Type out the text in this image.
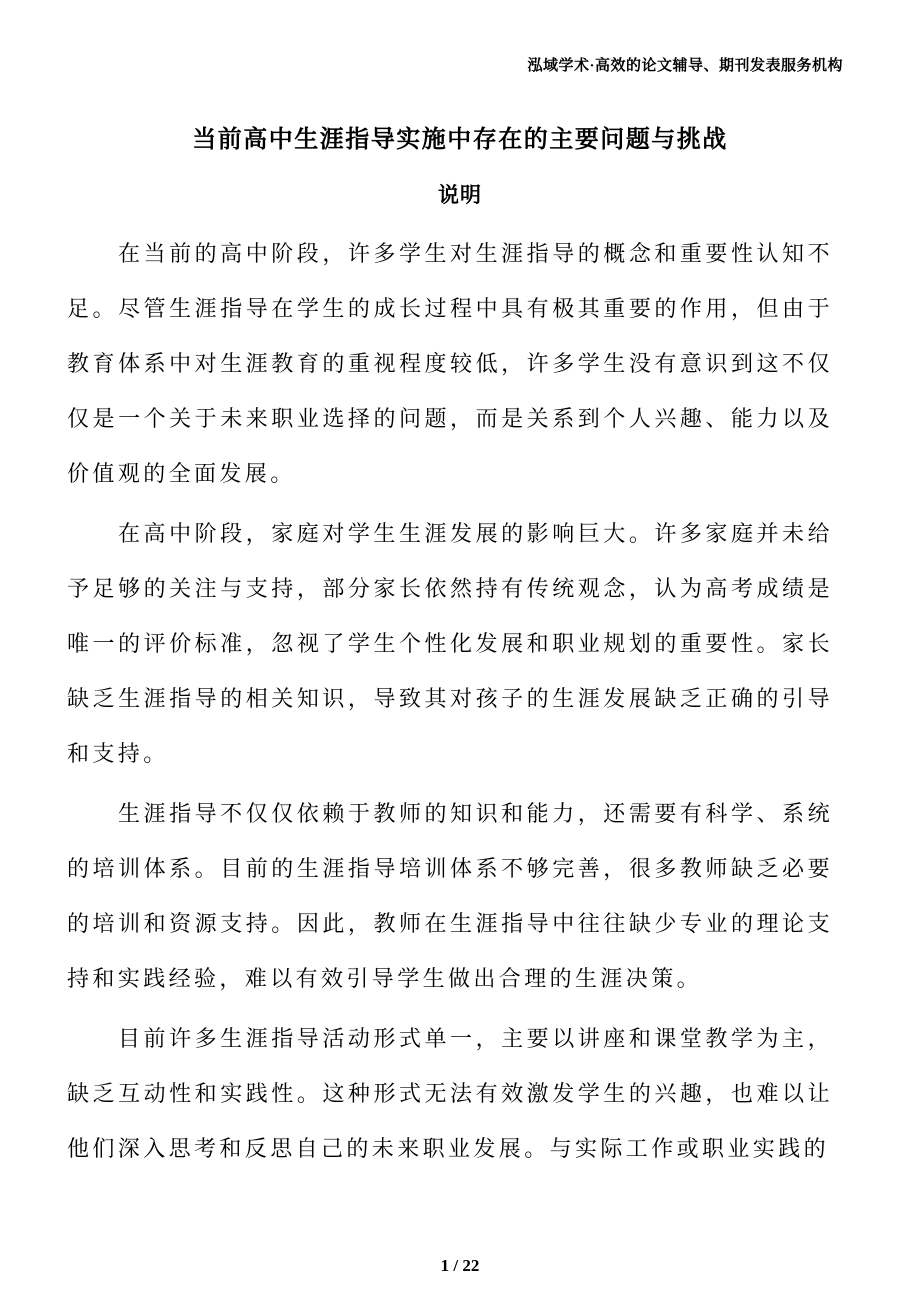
泓域学术·高效的论文辅导、期刊发表服务机构
当前高中生涯指导实施中存在的主要问题与挑战
说明

在当前的高中阶段，许多学生对生涯指导的概念和重要性认知不足。尽管生涯指导在学生的成长过程中具有极其重要的作用，但由于教育体系中对生涯教育的重视程度较低，许多学生没有意识到这不仅仅是一个关于未来职业选择的问题，而是关系到个人兴趣、能力以及价值观的全面发展。

在高中阶段，家庭对学生生涯发展的影响巨大。许多家庭并未给予足够的关注与支持，部分家长依然持有传统观念，认为高考成绩是唯一的评价标准，忽视了学生个性化发展和职业规划的重要性。家长缺乏生涯指导的相关知识，导致其对孩子的生涯发展缺乏正确的引导和支持。

生涯指导不仅仅依赖于教师的知识和能力，还需要有科学、系统的培训体系。目前的生涯指导培训体系不够完善，很多教师缺乏必要的培训和资源支持。因此，教师在生涯指导中往往缺少专业的理论支持和实践经验，难以有效引导学生做出合理的生涯决策。

目前许多生涯指导活动形式单一，主要以讲座和课堂教学为主，缺乏互动性和实践性。这种形式无法有效激发学生的兴趣，也难以让他们深入思考和反思自己的未来职业发展。与实际工作或职业实践的

1 / 22
